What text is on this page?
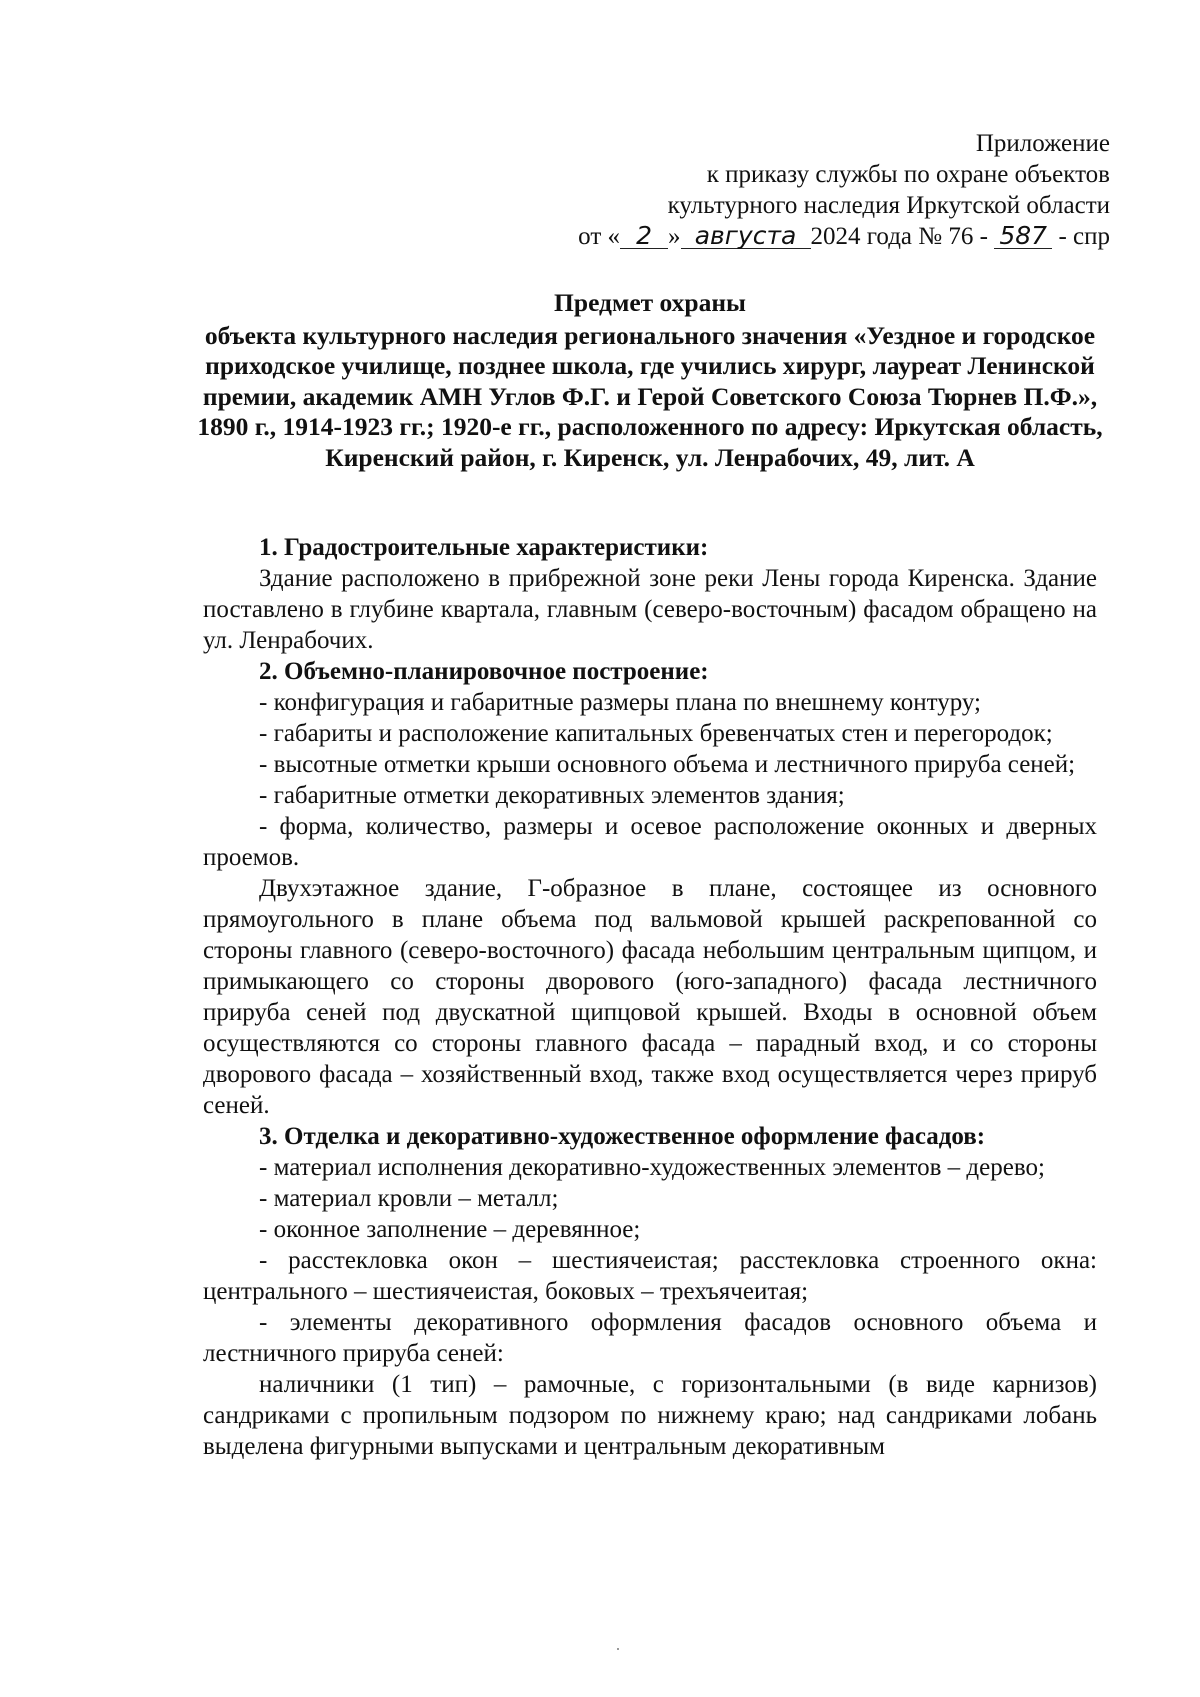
Приложение
к приказу службы по охране объектов
культурного наследия Иркутской области
от « 2 » августа 2024 года № 76 - 587 - спр
Предмет охраны
объекта культурного наследия регионального значения «Уездное и городское приходское училище, позднее школа, где учились хирург, лауреат Ленинской премии, академик АМН Углов Ф.Г. и Герой Советского Союза Тюрнев П.Ф.», 1890 г., 1914-1923 гг.; 1920-е гг., расположенного по адресу: Иркутская область, Киренский район, г. Киренск, ул. Ленрабочих, 49, лит. А
1. Градостроительные характеристики:

Здание расположено в прибрежной зоне реки Лены города Киренска. Здание поставлено в глубине квартала, главным (северо-восточным) фасадом обращено на ул. Ленрабочих.

2. Объемно-планировочное построение:

- конфигурация и габаритные размеры плана по внешнему контуру;

- габариты и расположение капитальных бревенчатых стен и перегородок;

- высотные отметки крыши основного объема и лестничного прируба сеней;

- габаритные отметки декоративных элементов здания;

- форма, количество, размеры и осевое расположение оконных и дверных проемов.

Двухэтажное здание, Г-образное в плане, состоящее из основного прямоугольного в плане объема под вальмовой крышей раскрепованной со стороны главного (северо-восточного) фасада небольшим центральным щипцом, и примыкающего со стороны дворового (юго-западного) фасада лестничного прируба сеней под двускатной щипцовой крышей. Входы в основной объем осуществляются со стороны главного фасада – парадный вход, и со стороны дворового фасада – хозяйственный вход, также вход осуществляется через прируб сеней.

3. Отделка и декоративно-художественное оформление фасадов:

- материал исполнения декоративно-художественных элементов – дерево;

- материал кровли – металл;

- оконное заполнение – деревянное;

- расстекловка окон – шестиячеистая; расстекловка строенного окна: центрального – шестиячеистая, боковых – трехъячеитая;

- элементы декоративного оформления фасадов основного объема и лестничного прируба сеней:

наличники (1 тип) – рамочные, с горизонтальными (в виде карнизов) сандриками с пропильным подзором по нижнему краю; над сандриками лобань выделена фигурными выпусками и центральным декоративным
